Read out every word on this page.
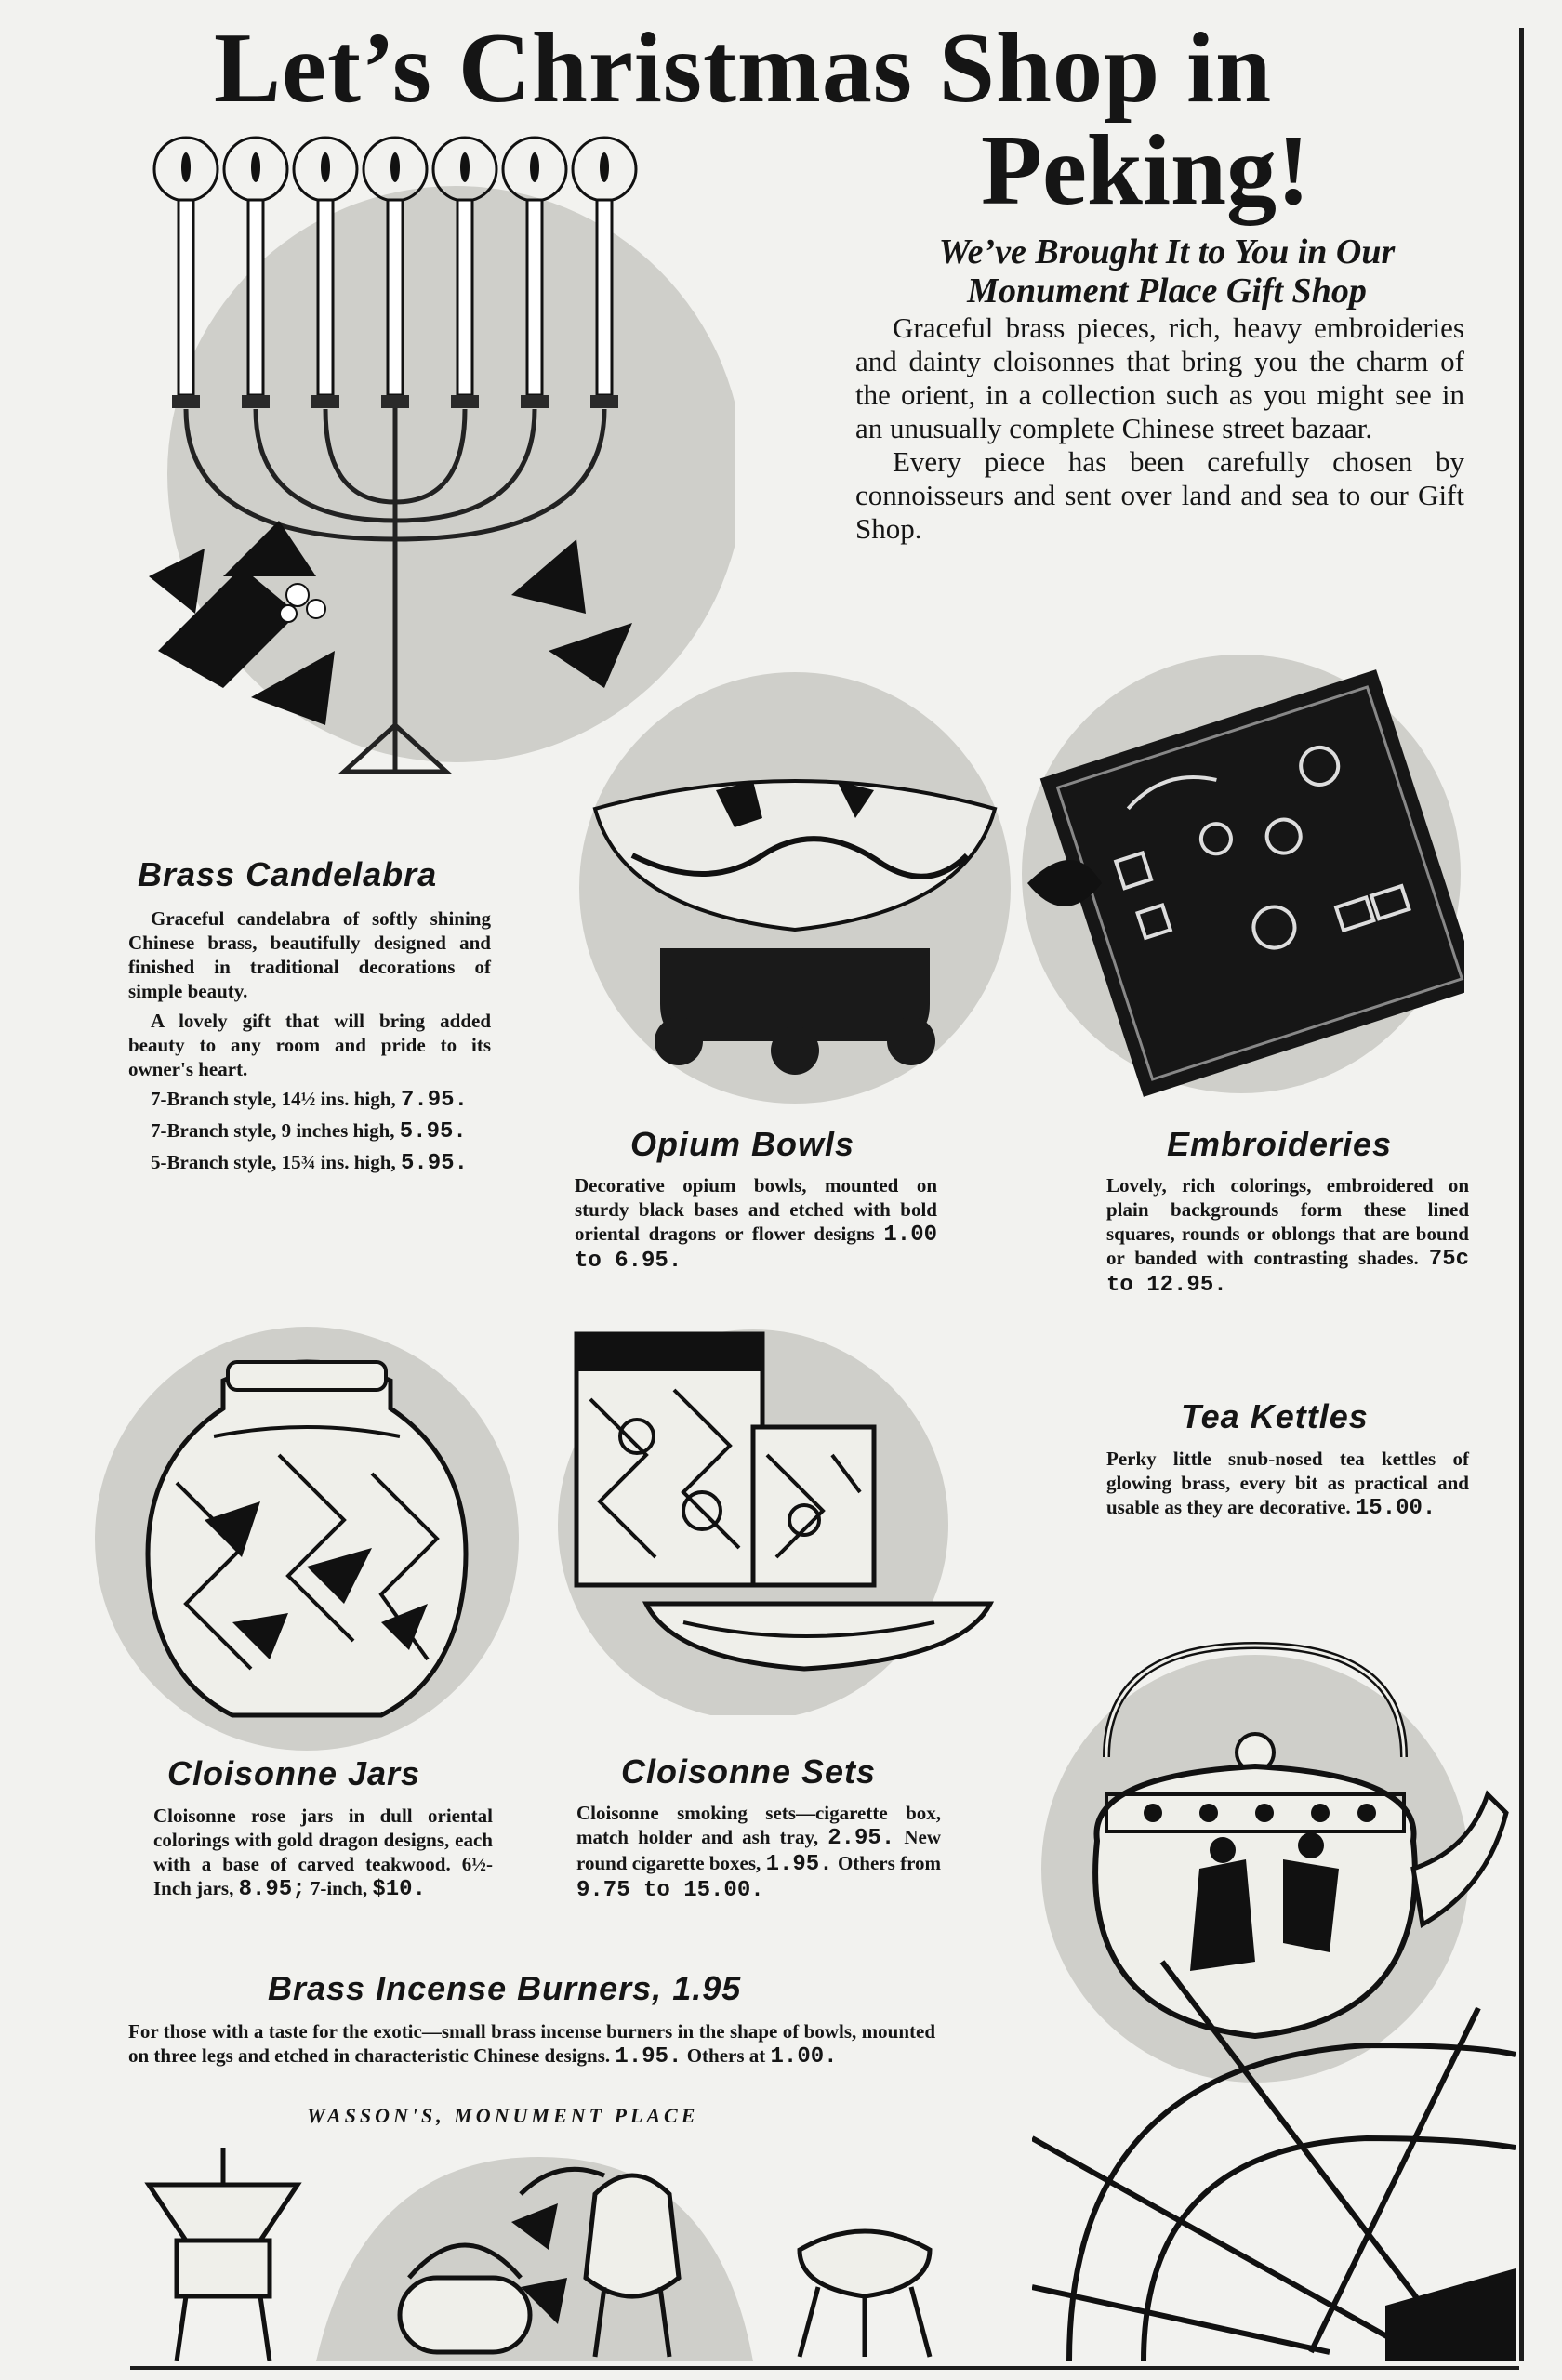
Let’s Christmas Shop in
Peking!
We’ve Brought It to You in Our
Monument Place Gift Shop

Graceful brass pieces, rich, heavy embroideries and dainty cloisonnes that bring you the charm of the orient, in a collection such as you might see in an unusually complete Chinese street bazaar.

Every piece has been carefully chosen by connoisseurs and sent over land and sea to our Gift Shop.

Brass Candelabra

Graceful candelabra of softly shining Chinese brass, beautifully designed and finished in traditional decorations of simple beauty.

A lovely gift that will bring added beauty to any room and pride to its owner's heart.

7-Branch style, 14½ ins. high, 7.95.

7-Branch style, 9 inches high, 5.95.

5-Branch style, 15¾ ins. high, 5.95.

Opium Bowls
Decorative opium bowls, mounted on sturdy black bases and etched with bold oriental dragons or flower designs 1.00 to 6.95.
Embroideries
Lovely, rich colorings, embroidered on plain backgrounds form these lined squares, rounds or oblongs that are bound or banded with contrasting shades. 75c to 12.95.
Tea Kettles
Perky little snub-nosed tea kettles of glowing brass, every bit as practical and usable as they are decorative. 15.00.
Cloisonne Jars
Cloisonne rose jars in dull oriental colorings with gold dragon designs, each with a base of carved teakwood. 6½-Inch jars, 8.95; 7-inch, $10.
Cloisonne Sets
Cloisonne smoking sets—cigarette box, match holder and ash tray, 2.95. New round cigarette boxes, 1.95. Others from 9.75 to 15.00.
Brass Incense Burners, 1.95
For those with a taste for the exotic—small brass incense burners in the shape of bowls, mounted on three legs and etched in characteristic Chinese designs. 1.95. Others at 1.00.
WASSON'S, MONUMENT PLACE
